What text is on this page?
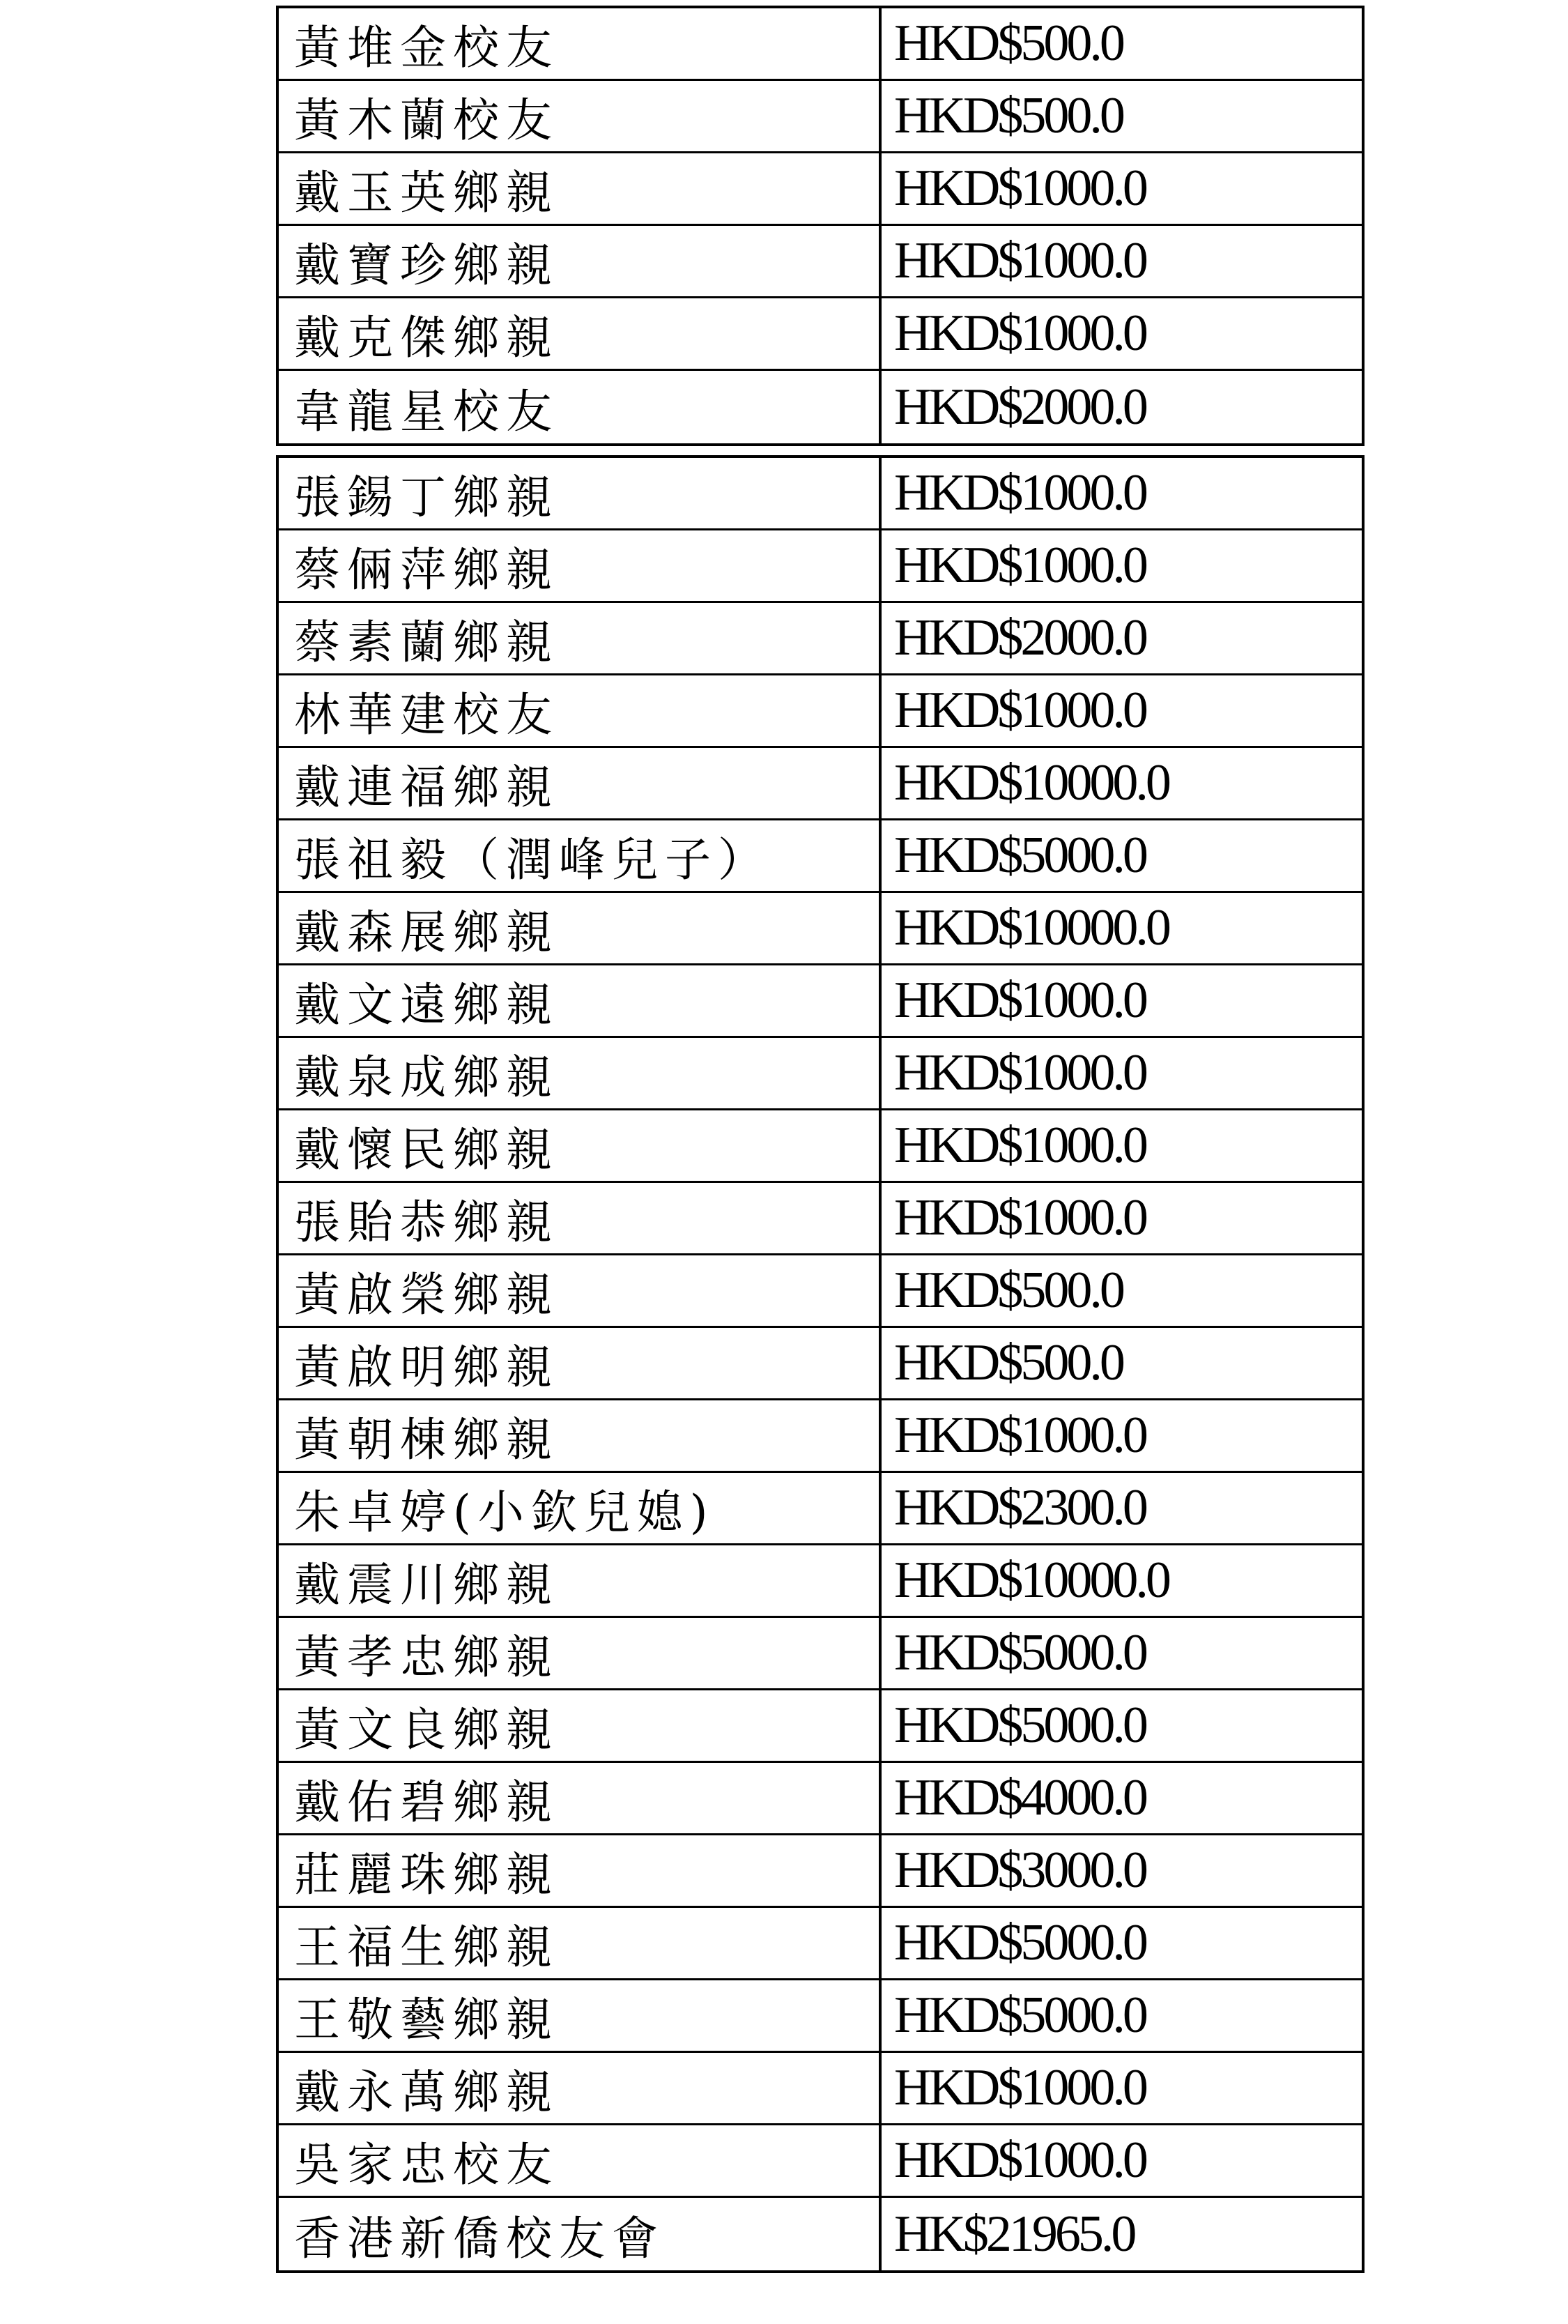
黃堆金校友	HKD$500.0
黃木蘭校友	HKD$500.0
戴玉英鄉親	HKD$1000.0
戴寶珍鄉親	HKD$1000.0
戴克傑鄉親	HKD$1000.0
韋龍星校友	HKD$2000.0
張錫丁鄉親	HKD$1000.0
蔡倆萍鄉親	HKD$1000.0
蔡素蘭鄉親	HKD$2000.0
林華建校友	HKD$1000.0
戴連福鄉親	HKD$10000.0
張祖毅（潤峰兒子）	HKD$5000.0
戴森展鄉親	HKD$10000.0
戴文遠鄉親	HKD$1000.0
戴泉成鄉親	HKD$1000.0
戴懷民鄉親	HKD$1000.0
張貽恭鄉親	HKD$1000.0
黃啟榮鄉親	HKD$500.0
黃啟明鄉親	HKD$500.0
黃朝棟鄉親	HKD$1000.0
朱卓婷(小欽兒媳)	HKD$2300.0
戴震川鄉親	HKD$10000.0
黃孝忠鄉親	HKD$5000.0
黃文良鄉親	HKD$5000.0
戴佑碧鄉親	HKD$4000.0
莊麗珠鄉親	HKD$3000.0
王福生鄉親	HKD$5000.0
王敬藝鄉親	HKD$5000.0
戴永萬鄉親	HKD$1000.0
吳家忠校友	HKD$1000.0
香港新僑校友會	HK$21965.0
